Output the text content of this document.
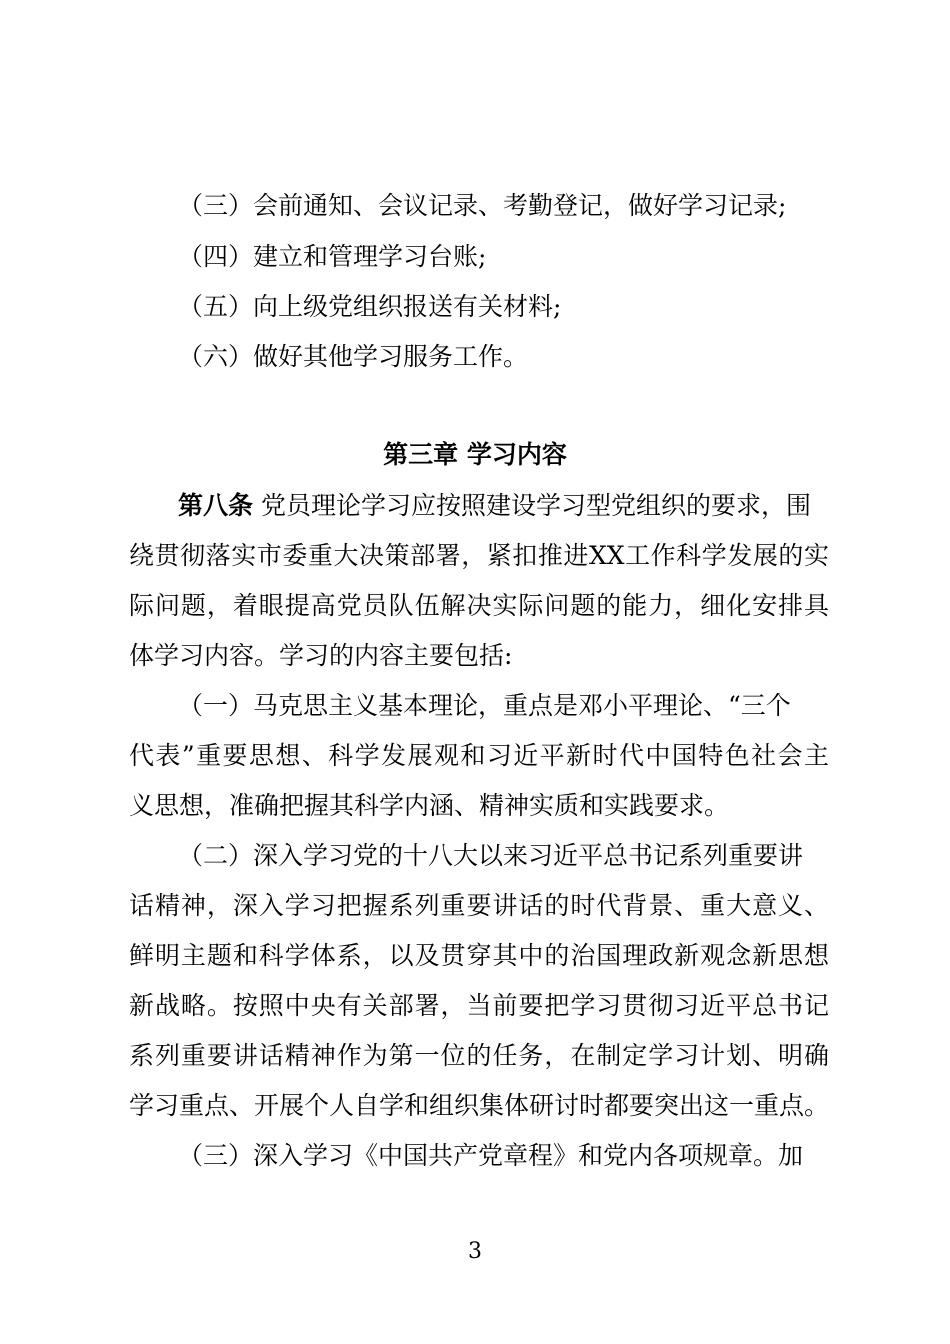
（三）会前通知、会议记录、考勤登记，做好学习记录;
（四）建立和管理学习台账;
（五）向上级党组织报送有关材料;
（六）做好其他学习服务工作。
第三章 学习内容
第八条 党员理论学习应按照建设学习型党组织的要求，围
绕贯彻落实市委重大决策部署，紧扣推进XX工作科学发展的实
际问题，着眼提高党员队伍解决实际问题的能力，细化安排具
体学习内容。学习的内容主要包括:
（一）马克思主义基本理论，重点是邓小平理论、“三个
代表”重要思想、科学发展观和习近平新时代中国特色社会主
义思想，准确把握其科学内涵、精神实质和实践要求。
（二）深入学习党的十八大以来习近平总书记系列重要讲
话精神，深入学习把握系列重要讲话的时代背景、重大意义、
鲜明主题和科学体系，以及贯穿其中的治国理政新观念新思想
新战略。按照中央有关部署，当前要把学习贯彻习近平总书记
系列重要讲话精神作为第一位的任务，在制定学习计划、明确
学习重点、开展个人自学和组织集体研讨时都要突出这一重点。
（三）深入学习《中国共产党章程》和党内各项规章。加
3
